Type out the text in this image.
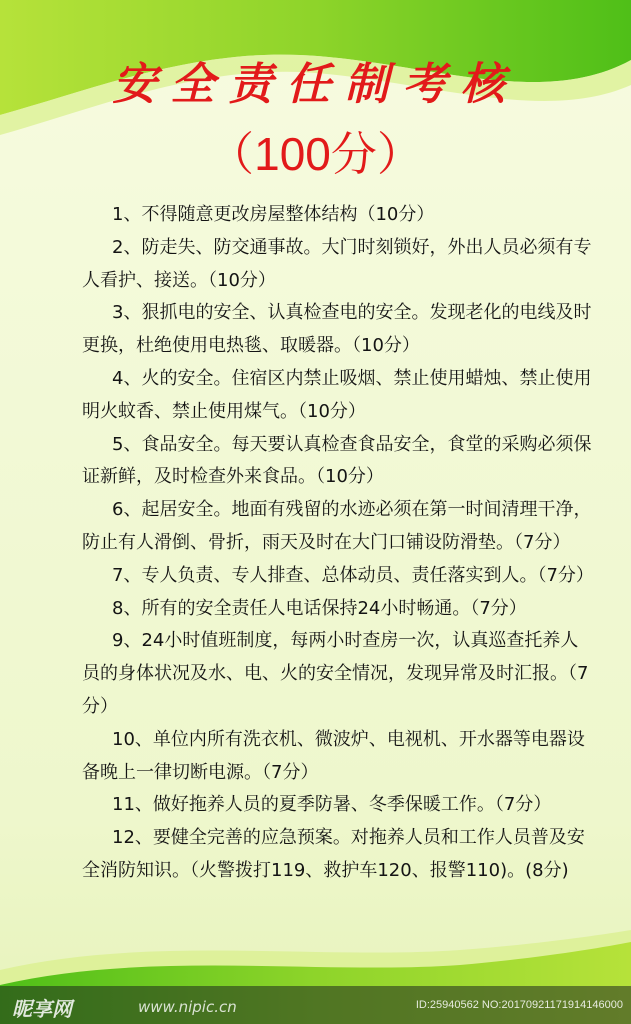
安全责任制考核
（100分）

1、不得随意更改房屋整体结构（10分）

2、防走失、防交通事故。大门时刻锁好，外出人员必须有专人看护、接送。（10分）

3、狠抓电的安全、认真检查电的安全。发现老化的电线及时更换，杜绝使用电热毯、取暖器。（10分）

4、火的安全。住宿区内禁止吸烟、禁止使用蜡烛、禁止使用明火蚊香、禁止使用煤气。（10分）

5、食品安全。每天要认真检查食品安全，食堂的采购必须保证新鲜，及时检查外来食品。（10分）

6、起居安全。地面有残留的水迹必须在第一时间清理干净，防止有人滑倒、骨折，雨天及时在大门口铺设防滑垫。（7分）

7、专人负责、专人排查、总体动员、责任落实到人。（7分）

8、所有的安全责任人电话保持24小时畅通。（7分）

9、24小时值班制度，每两小时查房一次，认真巡查托养人员的身体状况及水、电、火的安全情况，发现异常及时汇报。（7分）

10、单位内所有洗衣机、微波炉、电视机、开水器等电器设备晚上一律切断电源。（7分）

11、做好拖养人员的夏季防暑、冬季保暖工作。（7分）

12、要健全完善的应急预案。对拖养人员和工作人员普及安全消防知识。（火警拨打119、救护车120、报警110)。(8分)

昵享网	www.nipic.cn	ID:25940562 NO:20170921171914146000
